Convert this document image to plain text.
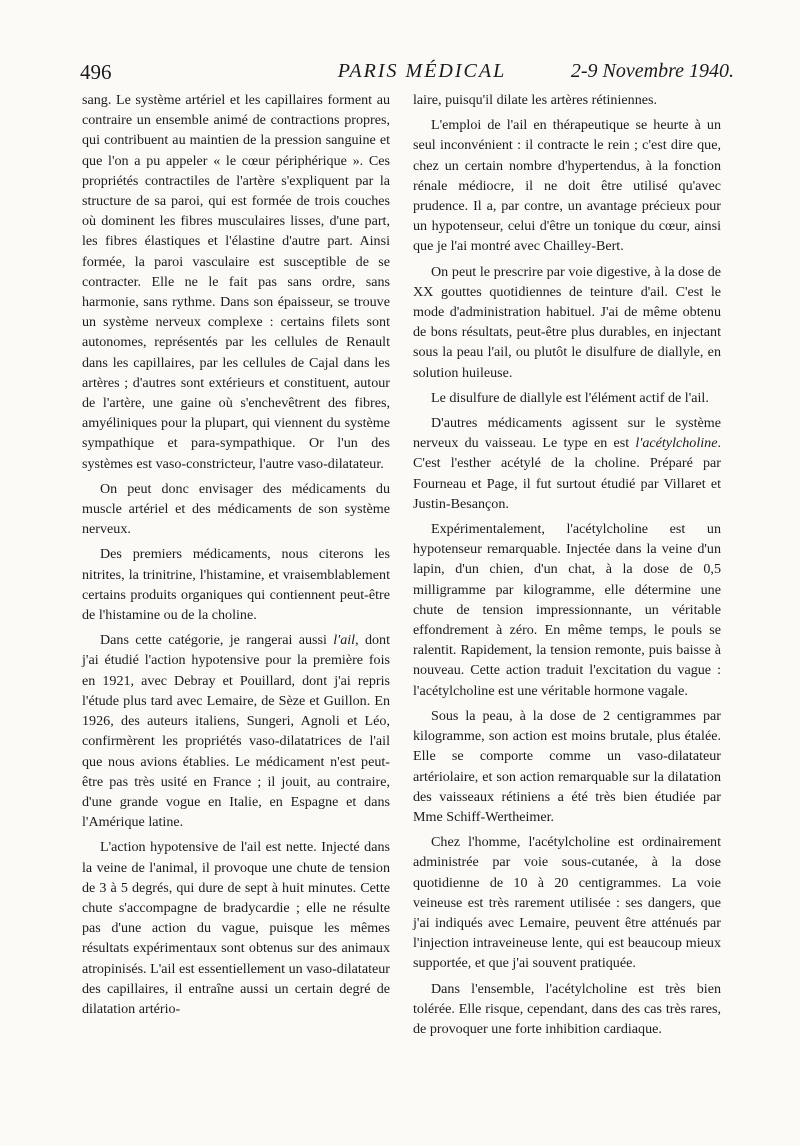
496	PARIS MÉDICAL	2-9 Novembre 1940.

sang. Le système artériel et les capillaires forment au contraire un ensemble animé de contractions propres, qui contribuent au maintien de la pression sanguine et que l'on a pu appeler « le cœur périphérique ». Ces propriétés contractiles de l'artère s'expliquent par la structure de sa paroi, qui est formée de trois couches où dominent les fibres musculaires lisses, d'une part, les fibres élastiques et l'élastine d'autre part. Ainsi formée, la paroi vasculaire est susceptible de se contracter. Elle ne le fait pas sans ordre, sans harmonie, sans rythme. Dans son épaisseur, se trouve un système nerveux complexe : certains filets sont autonomes, représentés par les cellules de Renault dans les capillaires, par les cellules de Cajal dans les artères ; d'autres sont extérieurs et constituent, autour de l'artère, une gaine où s'enchevêtrent des fibres, amyéliniques pour la plupart, qui viennent du système sympathique et para-sympathique. Or l'un des systèmes est vaso-constricteur, l'autre vaso-dilatateur.

On peut donc envisager des médicaments du muscle artériel et des médicaments de son système nerveux.

Des premiers médicaments, nous citerons les nitrites, la trinitrine, l'histamine, et vraisemblablement certains produits organiques qui contiennent peut-être de l'histamine ou de la choline.

Dans cette catégorie, je rangerai aussi l'ail, dont j'ai étudié l'action hypotensive pour la première fois en 1921, avec Debray et Pouillard, dont j'ai repris l'étude plus tard avec Lemaire, de Sèze et Guillon. En 1926, des auteurs italiens, Sungeri, Agnoli et Léo, confirmèrent les propriétés vaso-dilatatrices de l'ail que nous avions établies. Le médicament n'est peut-être pas très usité en France ; il jouit, au contraire, d'une grande vogue en Italie, en Espagne et dans l'Amérique latine.

L'action hypotensive de l'ail est nette. Injecté dans la veine de l'animal, il provoque une chute de tension de 3 à 5 degrés, qui dure de sept à huit minutes. Cette chute s'accompagne de bradycardie ; elle ne résulte pas d'une action du vague, puisque les mêmes résultats expérimentaux sont obtenus sur des animaux atropinisés. L'ail est essentiellement un vaso-dilatateur des capillaires, il entraîne aussi un certain degré de dilatation artério-

laire, puisqu'il dilate les artères rétiniennes.

L'emploi de l'ail en thérapeutique se heurte à un seul inconvénient : il contracte le rein ; c'est dire que, chez un certain nombre d'hypertendus, à la fonction rénale médiocre, il ne doit être utilisé qu'avec prudence. Il a, par contre, un avantage précieux pour un hypotenseur, celui d'être un tonique du cœur, ainsi que je l'ai montré avec Chailley-Bert.

On peut le prescrire par voie digestive, à la dose de XX gouttes quotidiennes de teinture d'ail. C'est le mode d'administration habituel. J'ai de même obtenu de bons résultats, peut-être plus durables, en injectant sous la peau l'ail, ou plutôt le disulfure de diallyle, en solution huileuse.

Le disulfure de diallyle est l'élément actif de l'ail.

D'autres médicaments agissent sur le système nerveux du vaisseau. Le type en est l'acétylcholine. C'est l'esther acétylé de la choline. Préparé par Fourneau et Page, il fut surtout étudié par Villaret et Justin-Besançon.

Expérimentalement, l'acétylcholine est un hypotenseur remarquable. Injectée dans la veine d'un lapin, d'un chien, d'un chat, à la dose de 0,5 milligramme par kilogramme, elle détermine une chute de tension impressionnante, un véritable effondrement à zéro. En même temps, le pouls se ralentit. Rapidement, la tension remonte, puis baisse à nouveau. Cette action traduit l'excitation du vague : l'acétylcholine est une véritable hormone vagale.

Sous la peau, à la dose de 2 centigrammes par kilogramme, son action est moins brutale, plus étalée. Elle se comporte comme un vaso-dilatateur artériolaire, et son action remarquable sur la dilatation des vaisseaux rétiniens a été très bien étudiée par Mme Schiff-Wertheimer.

Chez l'homme, l'acétylcholine est ordinairement administrée par voie sous-cutanée, à la dose quotidienne de 10 à 20 centigrammes. La voie veineuse est très rarement utilisée : ses dangers, que j'ai indiqués avec Lemaire, peuvent être atténués par l'injection intraveineuse lente, qui est beaucoup mieux supportée, et que j'ai souvent pratiquée.

Dans l'ensemble, l'acétylcholine est très bien tolérée. Elle risque, cependant, dans des cas très rares, de provoquer une forte inhibition cardiaque.
